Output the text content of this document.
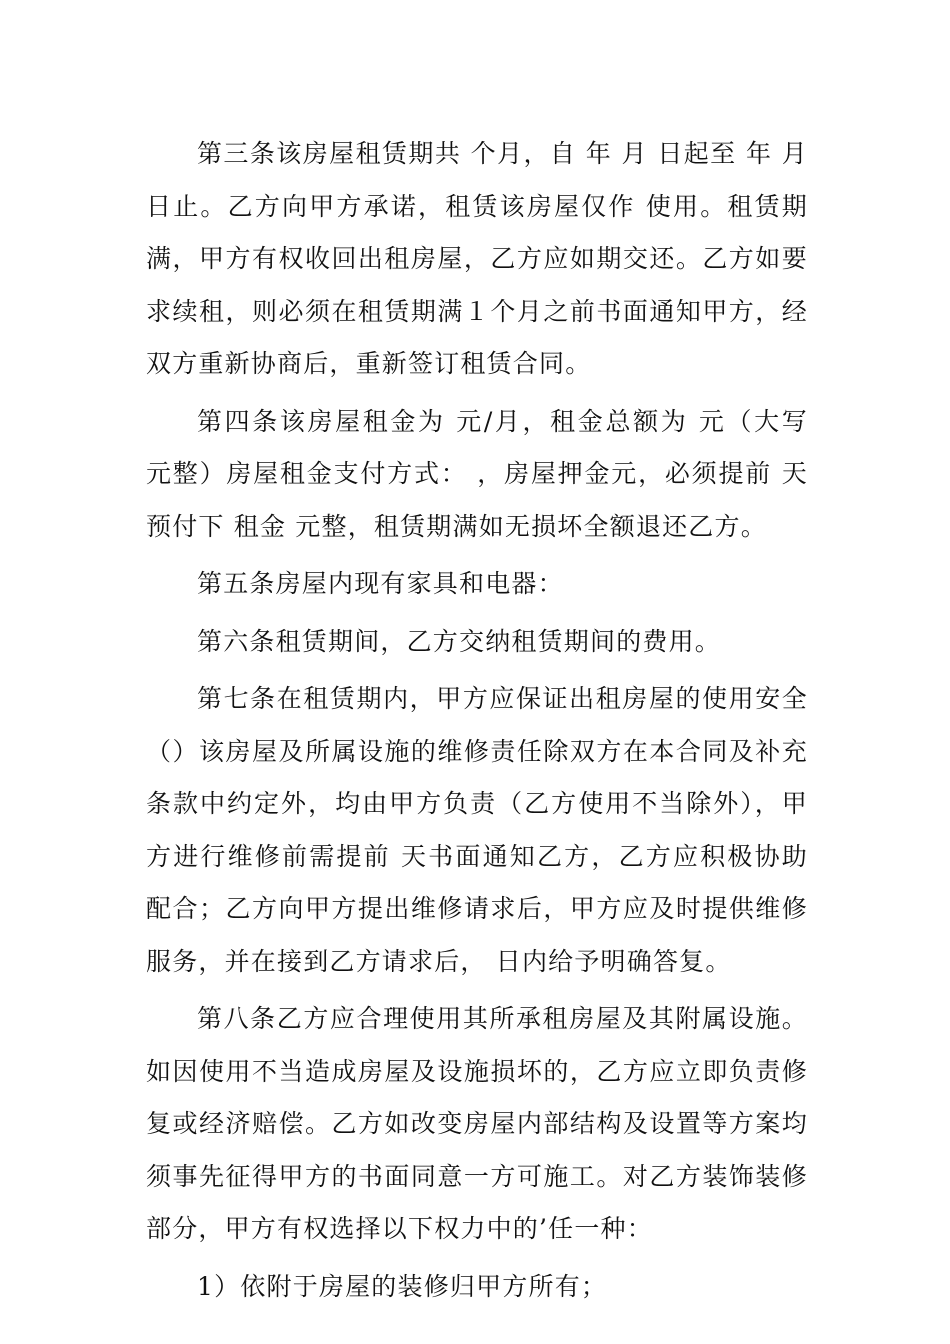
第三条该房屋租赁期共 个月，自 年 月 日起至 年 月 日止。乙方向甲方承诺，租赁该房屋仅作 使用。租赁期满，甲方有权收回出租房屋，乙方应如期交还。乙方如要求续租，则必须在租赁期满１个月之前书面通知甲方，经双方重新协商后，重新签订租赁合同。

第四条该房屋租金为 元/月，租金总额为 元（大写 元整）房屋租金支付方式： ，房屋押金元，必须提前 天预付下 租金 元整，租赁期满如无损坏全额退还乙方。

第五条房屋内现有家具和电器：

第六条租赁期间，乙方交纳租赁期间的费用。

第七条在租赁期内，甲方应保证出租房屋的使用安全（）该房屋及所属设施的维修责任除双方在本合同及补充条款中约定外，均由甲方负责（乙方使用不当除外），甲方进行维修前需提前 天书面通知乙方，乙方应积极协助配合；乙方向甲方提出维修请求后，甲方应及时提供维修服务，并在接到乙方请求后， 日内给予明确答复。

第八条乙方应合理使用其所承租房屋及其附属设施。如因使用不当造成房屋及设施损坏的，乙方应立即负责修复或经济赔偿。乙方如改变房屋内部结构及设置等方案均须事先征得甲方的书面同意一方可施工。对乙方装饰装修部分，甲方有权选择以下权力中的’任一种：

1）依附于房屋的装修归甲方所有；
